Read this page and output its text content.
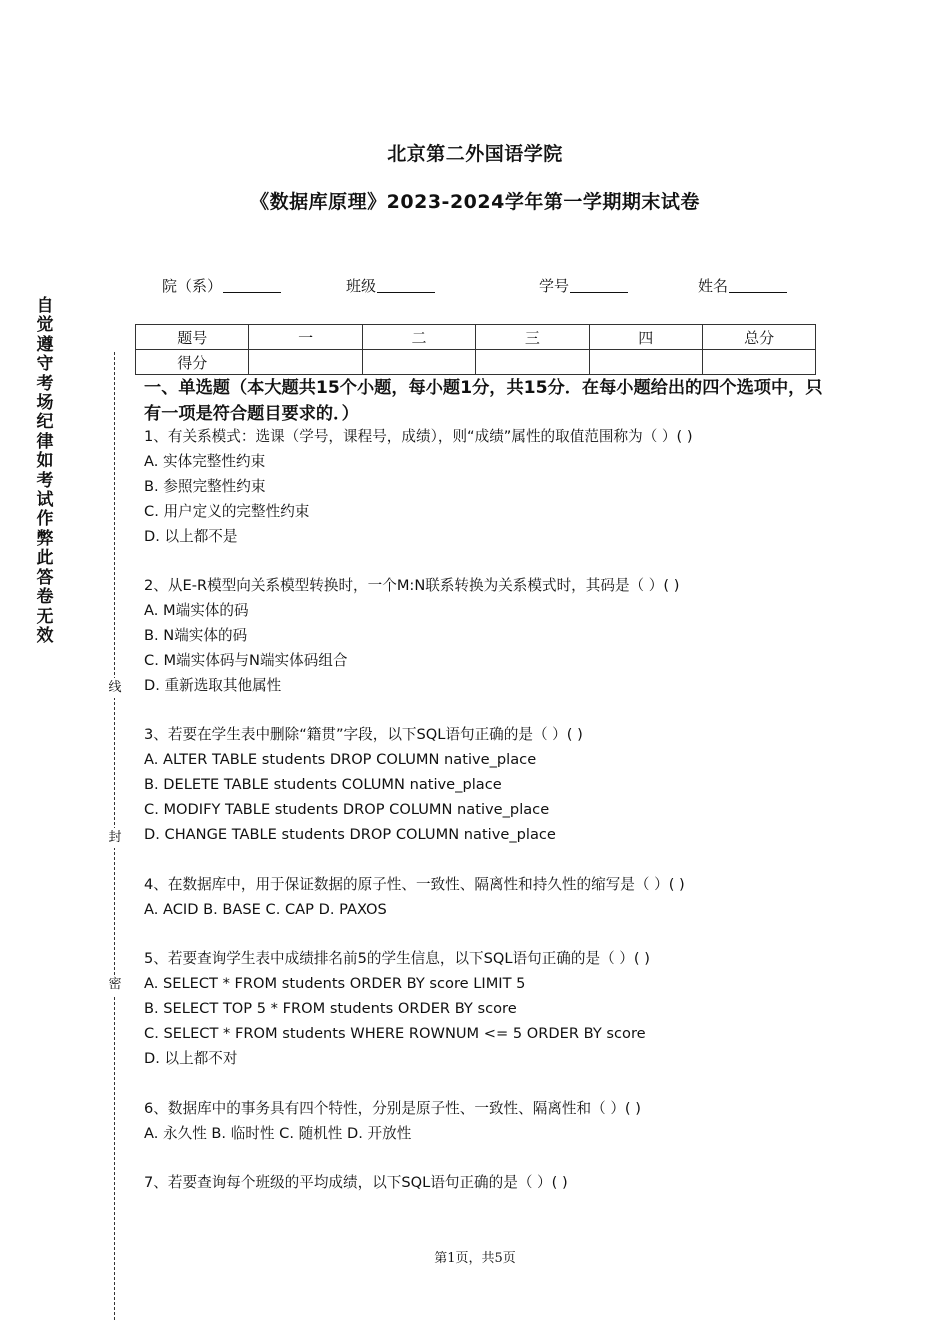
北京第二外国语学院
《数据库原理》2023-2024学年第一学期期末试卷
院（系）	班级	学号	姓名
题号	一	二	三	四	总分
得分					
自
觉
遵
守
考
场
纪
律
如
考
试
作
弊
此
答
卷
无
效
线
封
密
一、单选题（本大题共15个小题，每小题1分，共15分．在每小题给出的四个选项中，只有一项是符合题目要求的．）
1、有关系模式：选课（学号，课程号，成绩），则“成绩”属性的取值范围称为（ ）( )
A. 实体完整性约束
B. 参照完整性约束
C. 用户定义的完整性约束
D. 以上都不是
2、从E-R模型向关系模型转换时，一个M:N联系转换为关系模式时，其码是（ ）( )
A. M端实体的码
B. N端实体的码
C. M端实体码与N端实体码组合
D. 重新选取其他属性
3、若要在学生表中删除“籍贯”字段，以下SQL语句正确的是（ ）( )
A. ALTER TABLE students DROP COLUMN native_place
B. DELETE TABLE students COLUMN native_place
C. MODIFY TABLE students DROP COLUMN native_place
D. CHANGE TABLE students DROP COLUMN native_place
4、在数据库中，用于保证数据的原子性、一致性、隔离性和持久性的缩写是（ ）( )
A. ACID B. BASE C. CAP D. PAXOS
5、若要查询学生表中成绩排名前5的学生信息，以下SQL语句正确的是（ ）( )
A. SELECT * FROM students ORDER BY score LIMIT 5
B. SELECT TOP 5 * FROM students ORDER BY score
C. SELECT * FROM students WHERE ROWNUM <= 5 ORDER BY score
D. 以上都不对
6、数据库中的事务具有四个特性，分别是原子性、一致性、隔离性和（ ）( )
A. 永久性 B. 临时性 C. 随机性 D. 开放性
7、若要查询每个班级的平均成绩，以下SQL语句正确的是（ ）( )
第1页，共5页
